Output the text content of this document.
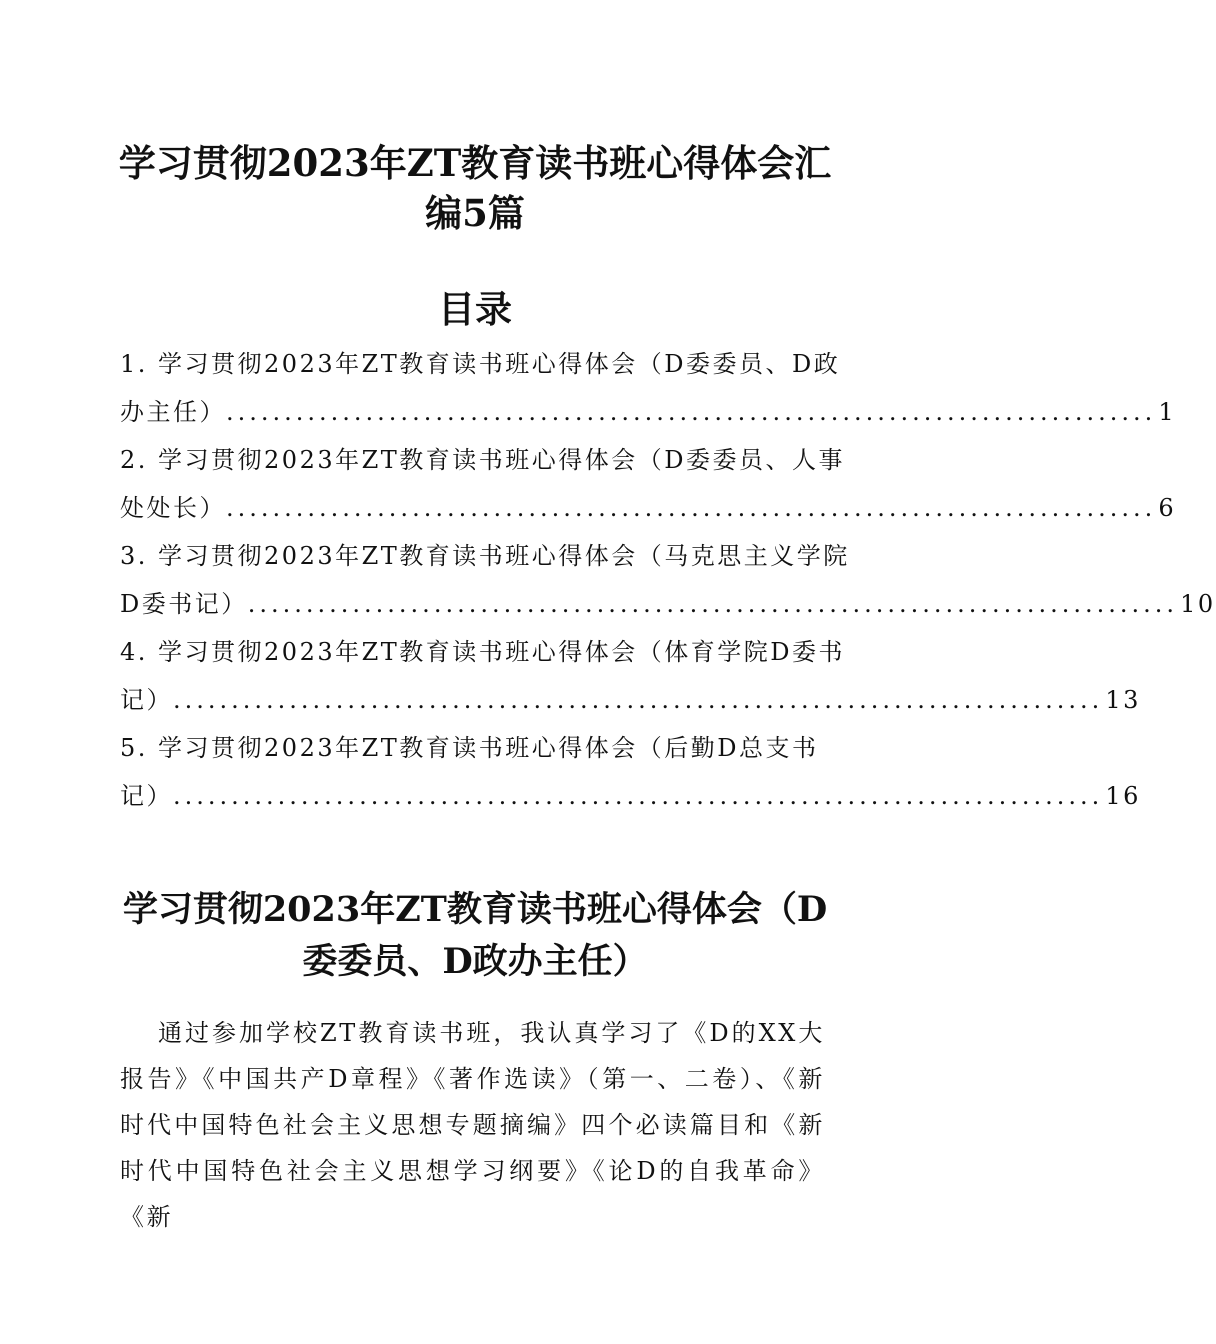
学习贯彻2023年ZT教育读书班心得体会汇编5篇
目录
1. 学习贯彻2023年ZT教育读书班心得体会（D委委员、D政
办主任） ................................................................................ 1
2. 学习贯彻2023年ZT教育读书班心得体会（D委委员、人事
处处长） ................................................................................ 6
3. 学习贯彻2023年ZT教育读书班心得体会（马克思主义学院
D委书记） ................................................................................ 10
4. 学习贯彻2023年ZT教育读书班心得体会（体育学院D委书
记） ................................................................................ 13
5. 学习贯彻2023年ZT教育读书班心得体会（后勤D总支书
记） ................................................................................ 16
学习贯彻2023年ZT教育读书班心得体会（D委委员、D政办主任）

通过参加学校ZT教育读书班，我认真学习了《D的XX大报告》《中国共产D章程》《著作选读》（第一、二卷）、《新时代中国特色社会主义思想专题摘编》四个必读篇目和《新时代中国特色社会主义思想学习纲要》《论D的自我革命》《新
